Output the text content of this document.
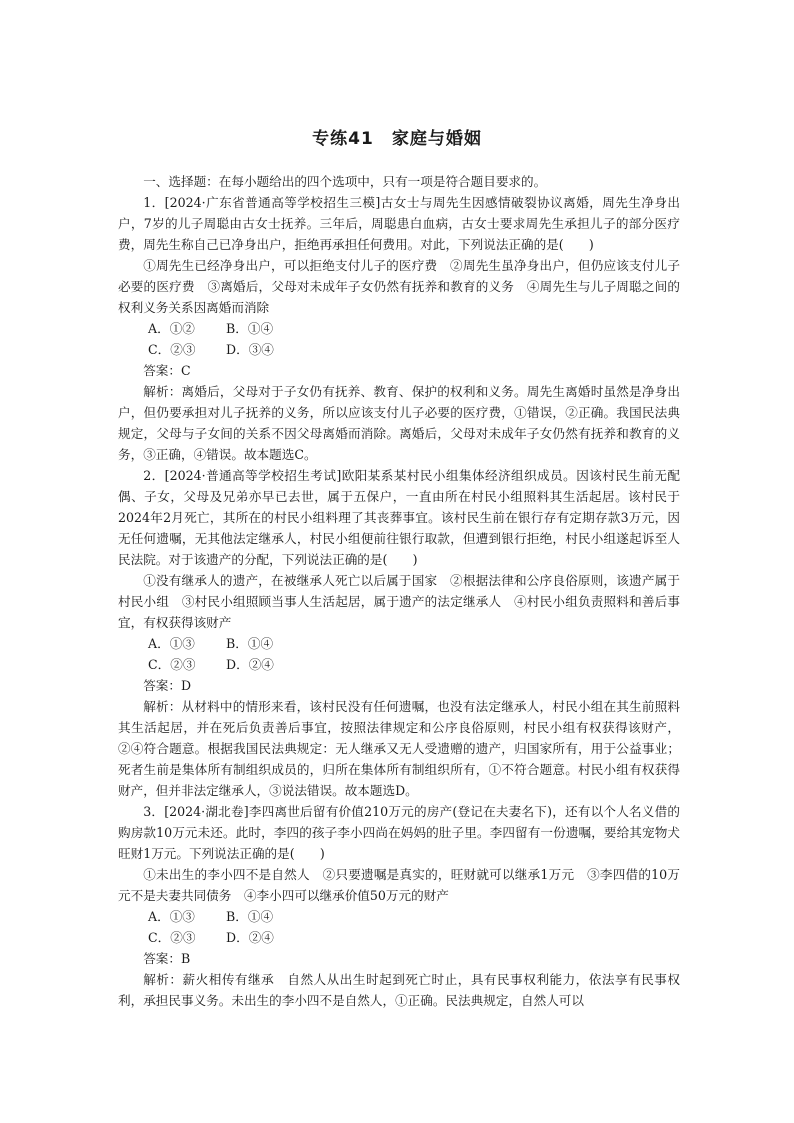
专练41　家庭与婚姻

一、选择题：在每小题给出的四个选项中，只有一项是符合题目要求的。

1．[2024·广东省普通高等学校招生三模]古女士与周先生因感情破裂协议离婚，周先生净身出户，7岁的儿子周聪由古女士抚养。三年后，周聪患白血病，古女士要求周先生承担儿子的部分医疗费，周先生称自己已净身出户，拒绝再承担任何费用。对此，下列说法正确的是(　　)

①周先生已经净身出户，可以拒绝支付儿子的医疗费　②周先生虽净身出户，但仍应该支付儿子必要的医疗费　③离婚后，父母对未成年子女仍然有抚养和教育的义务　④周先生与儿子周聪之间的权利义务关系因离婚而消除

A．①② B．①④

C．②③ D．③④

答案：C

解析：离婚后，父母对于子女仍有抚养、教育、保护的权利和义务。周先生离婚时虽然是净身出户，但仍要承担对儿子抚养的义务，所以应该支付儿子必要的医疗费，①错误，②正确。我国民法典规定，父母与子女间的关系不因父母离婚而消除。离婚后，父母对未成年子女仍然有抚养和教育的义务，③正确，④错误。故本题选C。

2．[2024·普通高等学校招生考试]欧阳某系某村民小组集体经济组织成员。因该村民生前无配偶、子女，父母及兄弟亦早已去世，属于五保户，一直由所在村民小组照料其生活起居。该村民于2024年2月死亡，其所在的村民小组料理了其丧葬事宜。该村民生前在银行存有定期存款3万元，因无任何遗嘱，无其他法定继承人，村民小组便前往银行取款，但遭到银行拒绝，村民小组遂起诉至人民法院。对于该遗产的分配，下列说法正确的是(　　)

①没有继承人的遗产，在被继承人死亡以后属于国家　②根据法律和公序良俗原则，该遗产属于村民小组　③村民小组照顾当事人生活起居，属于遗产的法定继承人　④村民小组负责照料和善后事宜，有权获得该财产

A．①③ B．①④

C．②③ D．②④

答案：D

解析：从材料中的情形来看，该村民没有任何遗嘱，也没有法定继承人，村民小组在其生前照料其生活起居，并在死后负责善后事宜，按照法律规定和公序良俗原则，村民小组有权获得该财产，②④符合题意。根据我国民法典规定：无人继承又无人受遗赠的遗产，归国家所有，用于公益事业；死者生前是集体所有制组织成员的，归所在集体所有制组织所有，①不符合题意。村民小组有权获得财产，但并非法定继承人，③说法错误。故本题选D。

3．[2024·湖北卷]李四离世后留有价值210万元的房产(登记在夫妻名下)，还有以个人名义借的购房款10万元未还。此时，李四的孩子李小四尚在妈妈的肚子里。李四留有一份遗嘱，要给其宠物犬旺财1万元。下列说法正确的是(　　)

①未出生的李小四不是自然人　②只要遗嘱是真实的，旺财就可以继承1万元　③李四借的10万元不是夫妻共同债务　④李小四可以继承价值50万元的财产

A．①③ B．①④

C．②③ D．②④

答案：B

解析：薪火相传有继承　自然人从出生时起到死亡时止，具有民事权利能力，依法享有民事权利，承担民事义务。未出生的李小四不是自然人，①正确。民法典规定，自然人可以
